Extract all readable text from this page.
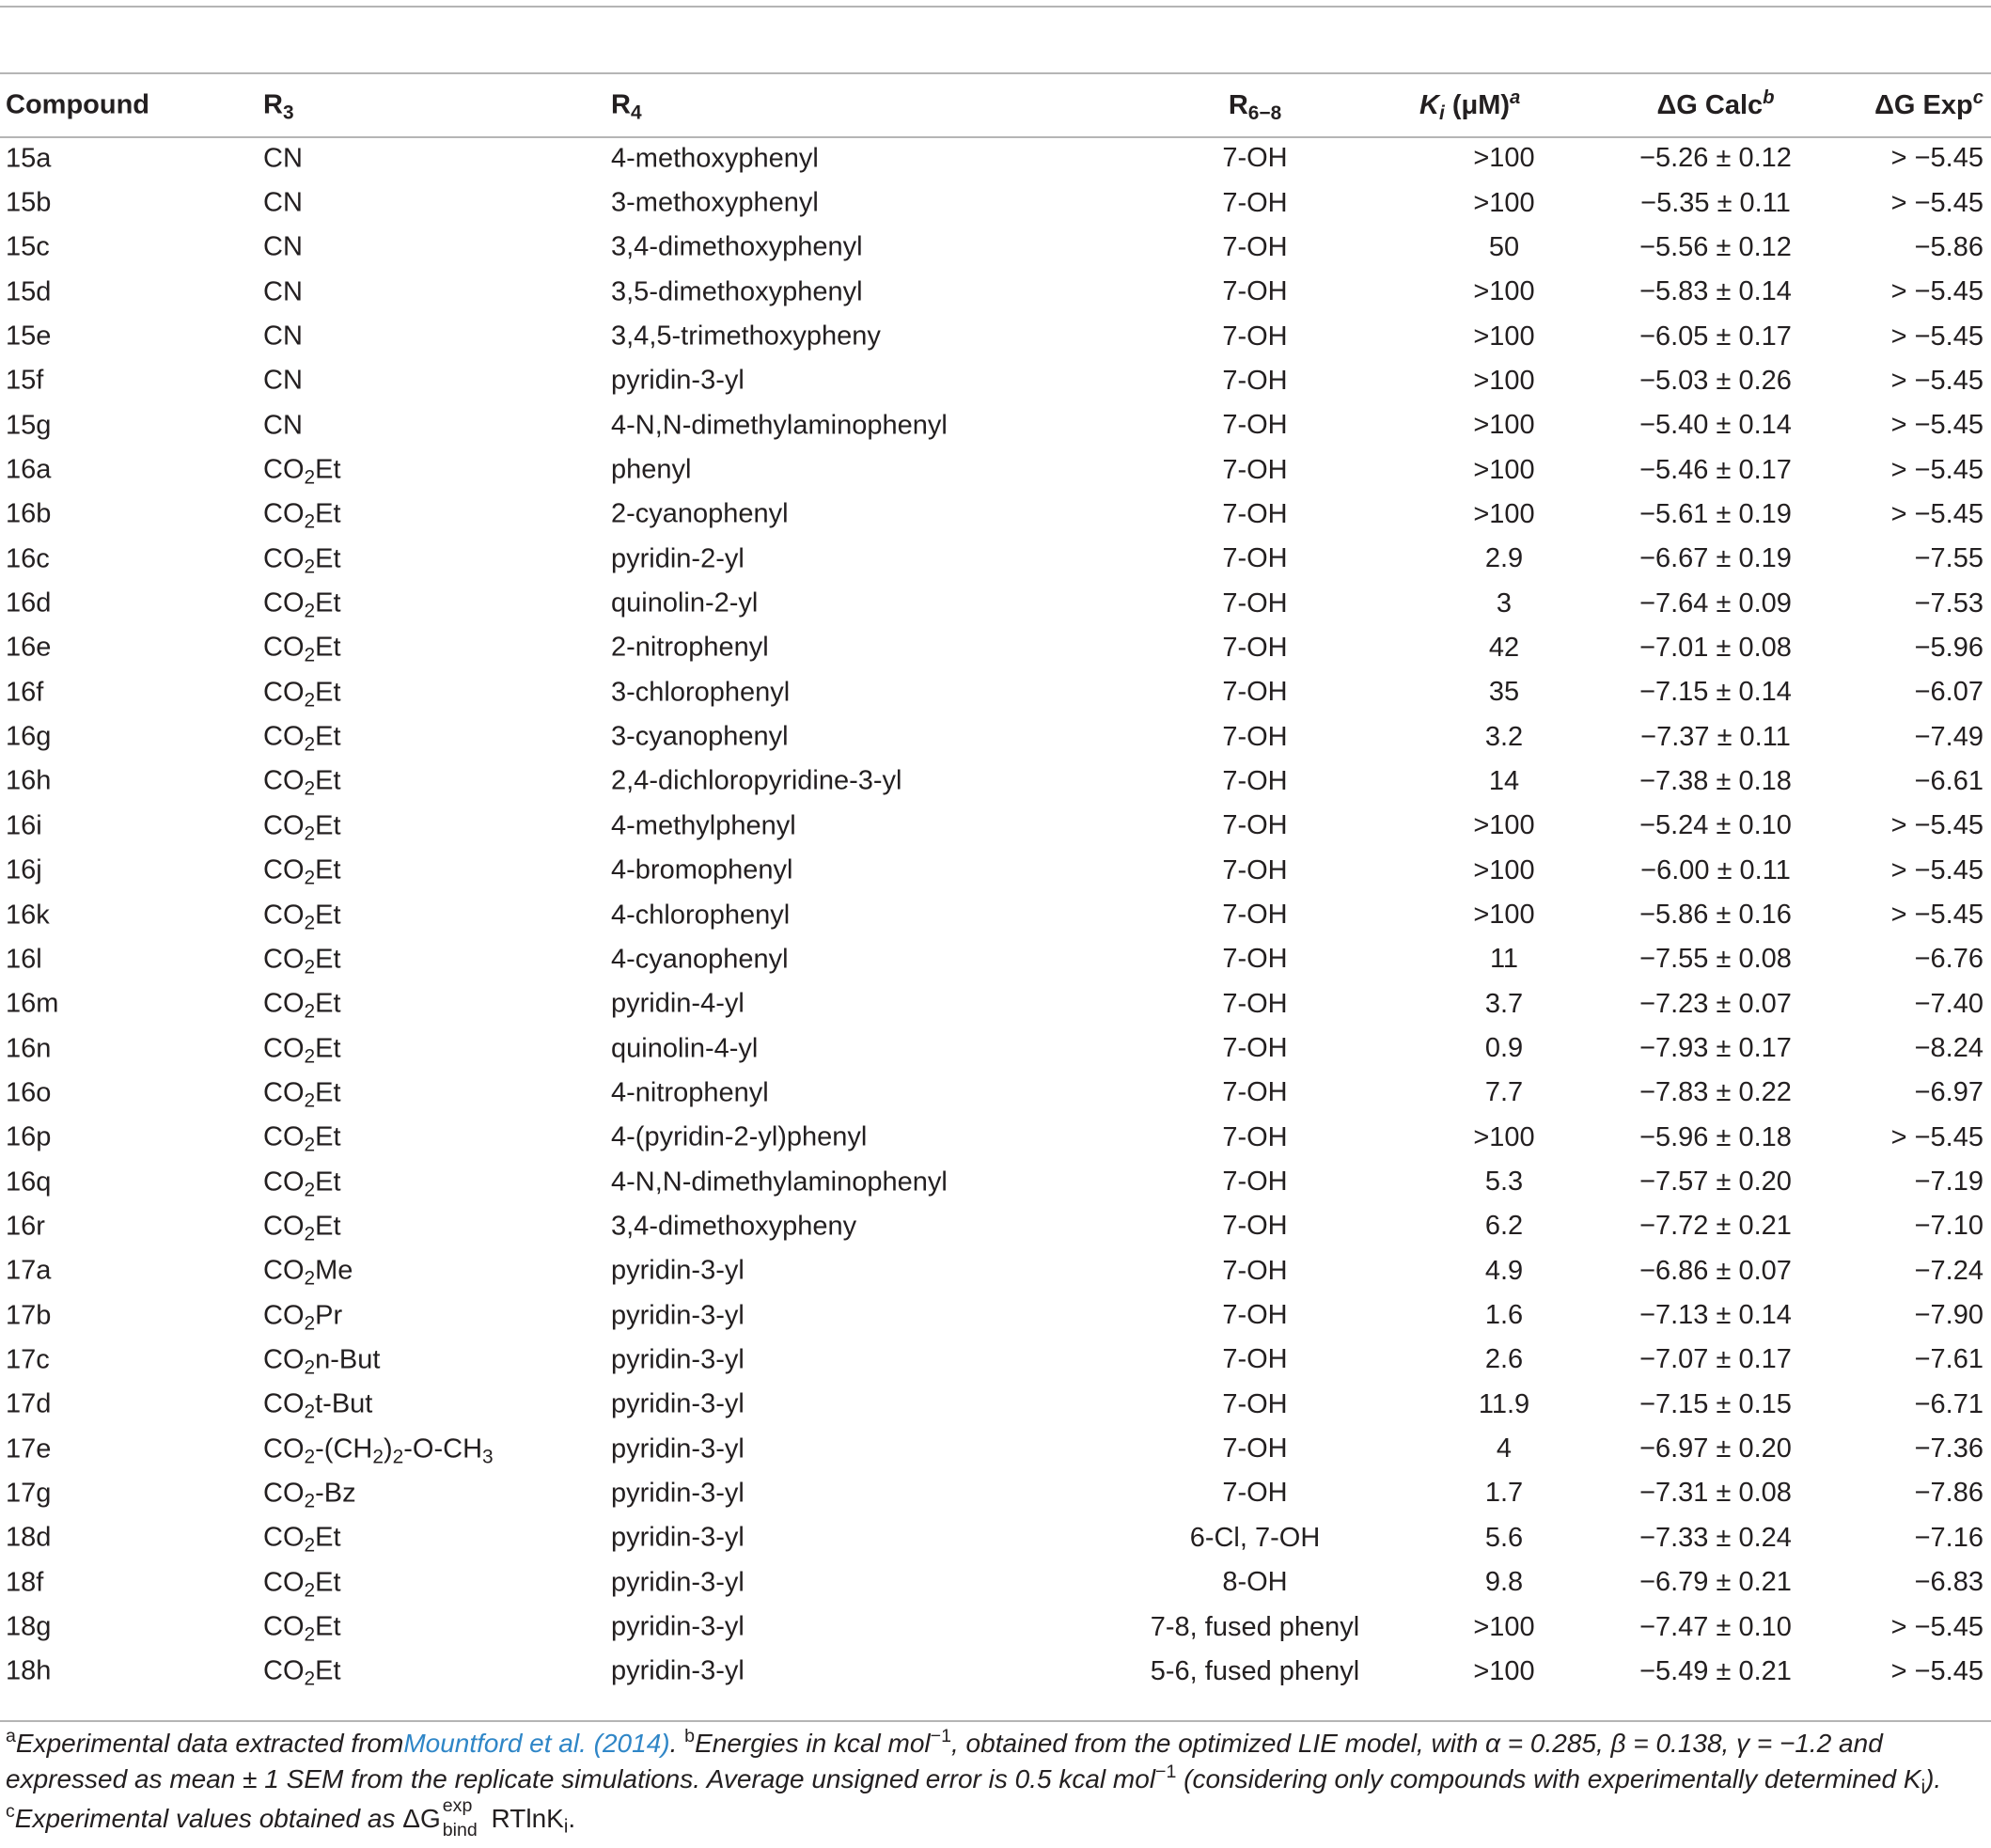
Compound $R_3$ $R_4$	$R_{6-8}$	$K_i$ $(\mu M)^a$	ΔG Calc$^b$	ΔG Exp$^c$

15a CN 4-methoxyphenyl	7-OH	>100	−5.26 ± 0.12	> −5.45

15b CN 3-methoxyphenyl	7-OH	>100	−5.35 ± 0.11	> −5.45

15c CN 3,4-dimethoxyphenyl	7-OH	50	−5.56 ± 0.12	−5.86

15d CN 3,5-dimethoxyphenyl	7-OH	>100	−5.83 ± 0.14	> −5.45

15e CN 3,4,5-trimethoxypheny	7-OH	>100	−6.05 ± 0.17	> −5.45

15f CN pyridin-3-yl	7-OH	>100	−5.03 ± 0.26	> −5.45

15g CN 4-N,N-dimethylaminophenyl	7-OH	>100	−5.40 ± 0.14	> −5.45

16a $CO_2Et$ phenyl	7-OH	>100	−5.46 ± 0.17	> −5.45

16b $CO_2Et$ 2-cyanophenyl	7-OH	>100	−5.61 ± 0.19	> −5.45

16c $CO_2Et$ pyridin-2-yl	7-OH	2.9	−6.67 ± 0.19	−7.55

16d $CO_2Et$ quinolin-2-yl	7-OH	3	−7.64 ± 0.09	−7.53

16e $CO_2Et$ 2-nitrophenyl	7-OH	42	−7.01 ± 0.08	−5.96

16f $CO_2Et$ 3-chlorophenyl	7-OH	35	−7.15 ± 0.14	−6.07

16g $CO_2Et$ 3-cyanophenyl	7-OH	3.2	−7.37 ± 0.11	−7.49

16h $CO_2Et$ 2,4-dichloropyridine-3-yl	7-OH	14	−7.38 ± 0.18	−6.61

16i $CO_2Et$ 4-methylphenyl	7-OH	>100	−5.24 ± 0.10	> −5.45

16j $CO_2Et$ 4-bromophenyl	7-OH	>100	−6.00 ± 0.11	> −5.45

16k $CO_2Et$ 4-chlorophenyl	7-OH	>100	−5.86 ± 0.16	> −5.45

16l $CO_2Et$ 4-cyanophenyl	7-OH	11	−7.55 ± 0.08	−6.76

16m $CO_2Et$ pyridin-4-yl	7-OH	3.7	−7.23 ± 0.07	−7.40

16n $CO_2Et$ quinolin-4-yl	7-OH	0.9	−7.93 ± 0.17	−8.24

16o $CO_2Et$ 4-nitrophenyl	7-OH	7.7	−7.83 ± 0.22	−6.97

16p $CO_2Et$ 4-(pyridin-2-yl)phenyl	7-OH	>100	−5.96 ± 0.18	> −5.45

16q $CO_2Et$ 4-N,N-dimethylaminophenyl	7-OH	5.3	−7.57 ± 0.20	−7.19

16r $CO_2Et$ 3,4-dimethoxypheny	7-OH	6.2	−7.72 ± 0.21	−7.10

17a $CO_2Me$ pyridin-3-yl	7-OH	4.9	−6.86 ± 0.07	−7.24

17b $CO_2Pr$ pyridin-3-yl	7-OH	1.6	−7.13 ± 0.14	−7.90

17c $CO_2n$-But pyridin-3-yl	7-OH	2.6	−7.07 ± 0.17	−7.61

17d $CO_2t$-But pyridin-3-yl	7-OH	11.9	−7.15 ± 0.15	−6.71

17e $CO_2-(CH_2)_2-O-CH_3$ pyridin-3-yl	7-OH	4	−6.97 ± 0.20	−7.36

17g $CO_2-Bz$ pyridin-3-yl	7-OH	1.7	−7.31 ± 0.08	−7.86

18d $CO_2Et$ pyridin-3-yl	6-Cl, 7-OH	5.6	−7.33 ± 0.24	−7.16

18f $CO_2Et$ pyridin-3-yl	8-OH	9.8	−6.79 ± 0.21	−6.83

18g $CO_2Et$ pyridin-3-yl	7-8, fused phenyl	>100	−7.47 ± 0.10	> −5.45

18h $CO_2Et$ pyridin-3-yl	5-6, fused phenyl	>100	−5.49 ± 0.21	> −5.45
$^a$Experimental data extracted fromMountford et al. (2014). $^b$Energies in kcal mol$^{-1}$, obtained from the optimized LIE model, with α = 0.285, β = 0.138, γ = −1.2 and expressed as mean ± 1 SEM from the replicate simulations. Average unsigned error is 0.5 kcal mol$^{-1}$ (considering only compounds with experimentally determined $K_i$).
$^c$Experimental values obtained as ΔG exp
bind RTlnK$_i$.
